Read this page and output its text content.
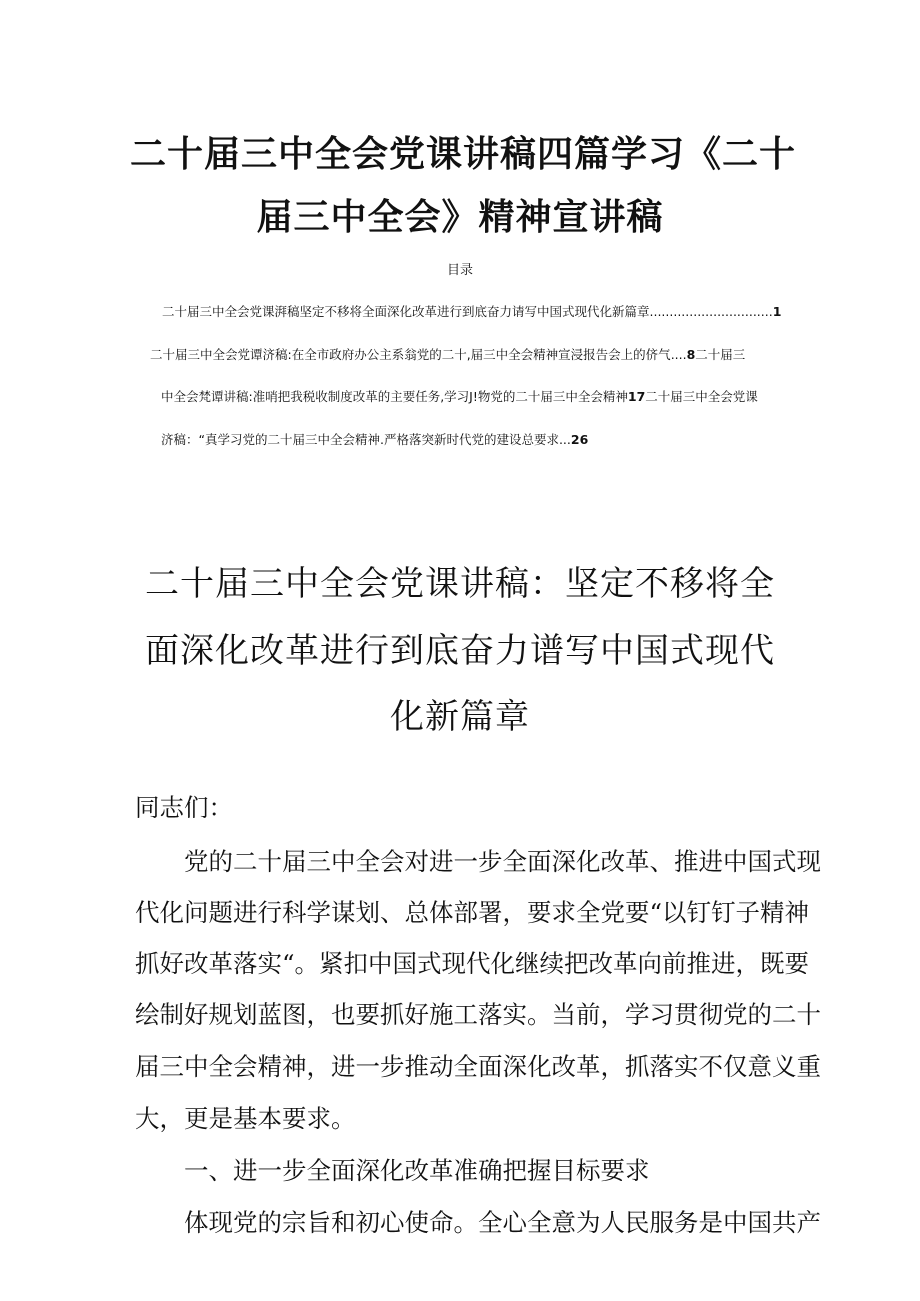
二十届三中全会党课讲稿四篇学习《二十
届三中全会》精神宣讲稿

目录

二十届三中全会党课湃稿坚定不移将全面深化改革进行到底奋力请写中国式现代化新篇章...............................1

二十届三中全会党谭济稿:在全市政府办公主系翁党的二十,届三中全会精神宣浸报告会上的侪气....8二十届三

中全会梵谭讲稿:准哨把我税收制度改革的主要任务,学习J!物党的二十届三中全会精神17二十届三中全会党课

济稿：“真学习党的二十届三中全会精神.严格落突新时代党的建设总要求...26

二十届三中全会党课讲稿：坚定不移将全
面深化改革进行到底奋力谱写中国式现代
化新篇章

同志们：

　　党的二十届三中全会对进一步全面深化改革、推进中国式现

代化问题进行科学谋划、总体部署，要求全党要“以钉钉子精神

抓好改革落实“。紧扣中国式现代化继续把改革向前推进，既要

绘制好规划蓝图，也要抓好施工落实。当前，学习贯彻党的二十

届三中全会精神，进一步推动全面深化改革，抓落实不仅意义重

大，更是基本要求。

　　一、进一步全面深化改革准确把握目标要求

　　体现党的宗旨和初心使命。全心全意为人民服务是中国共产
